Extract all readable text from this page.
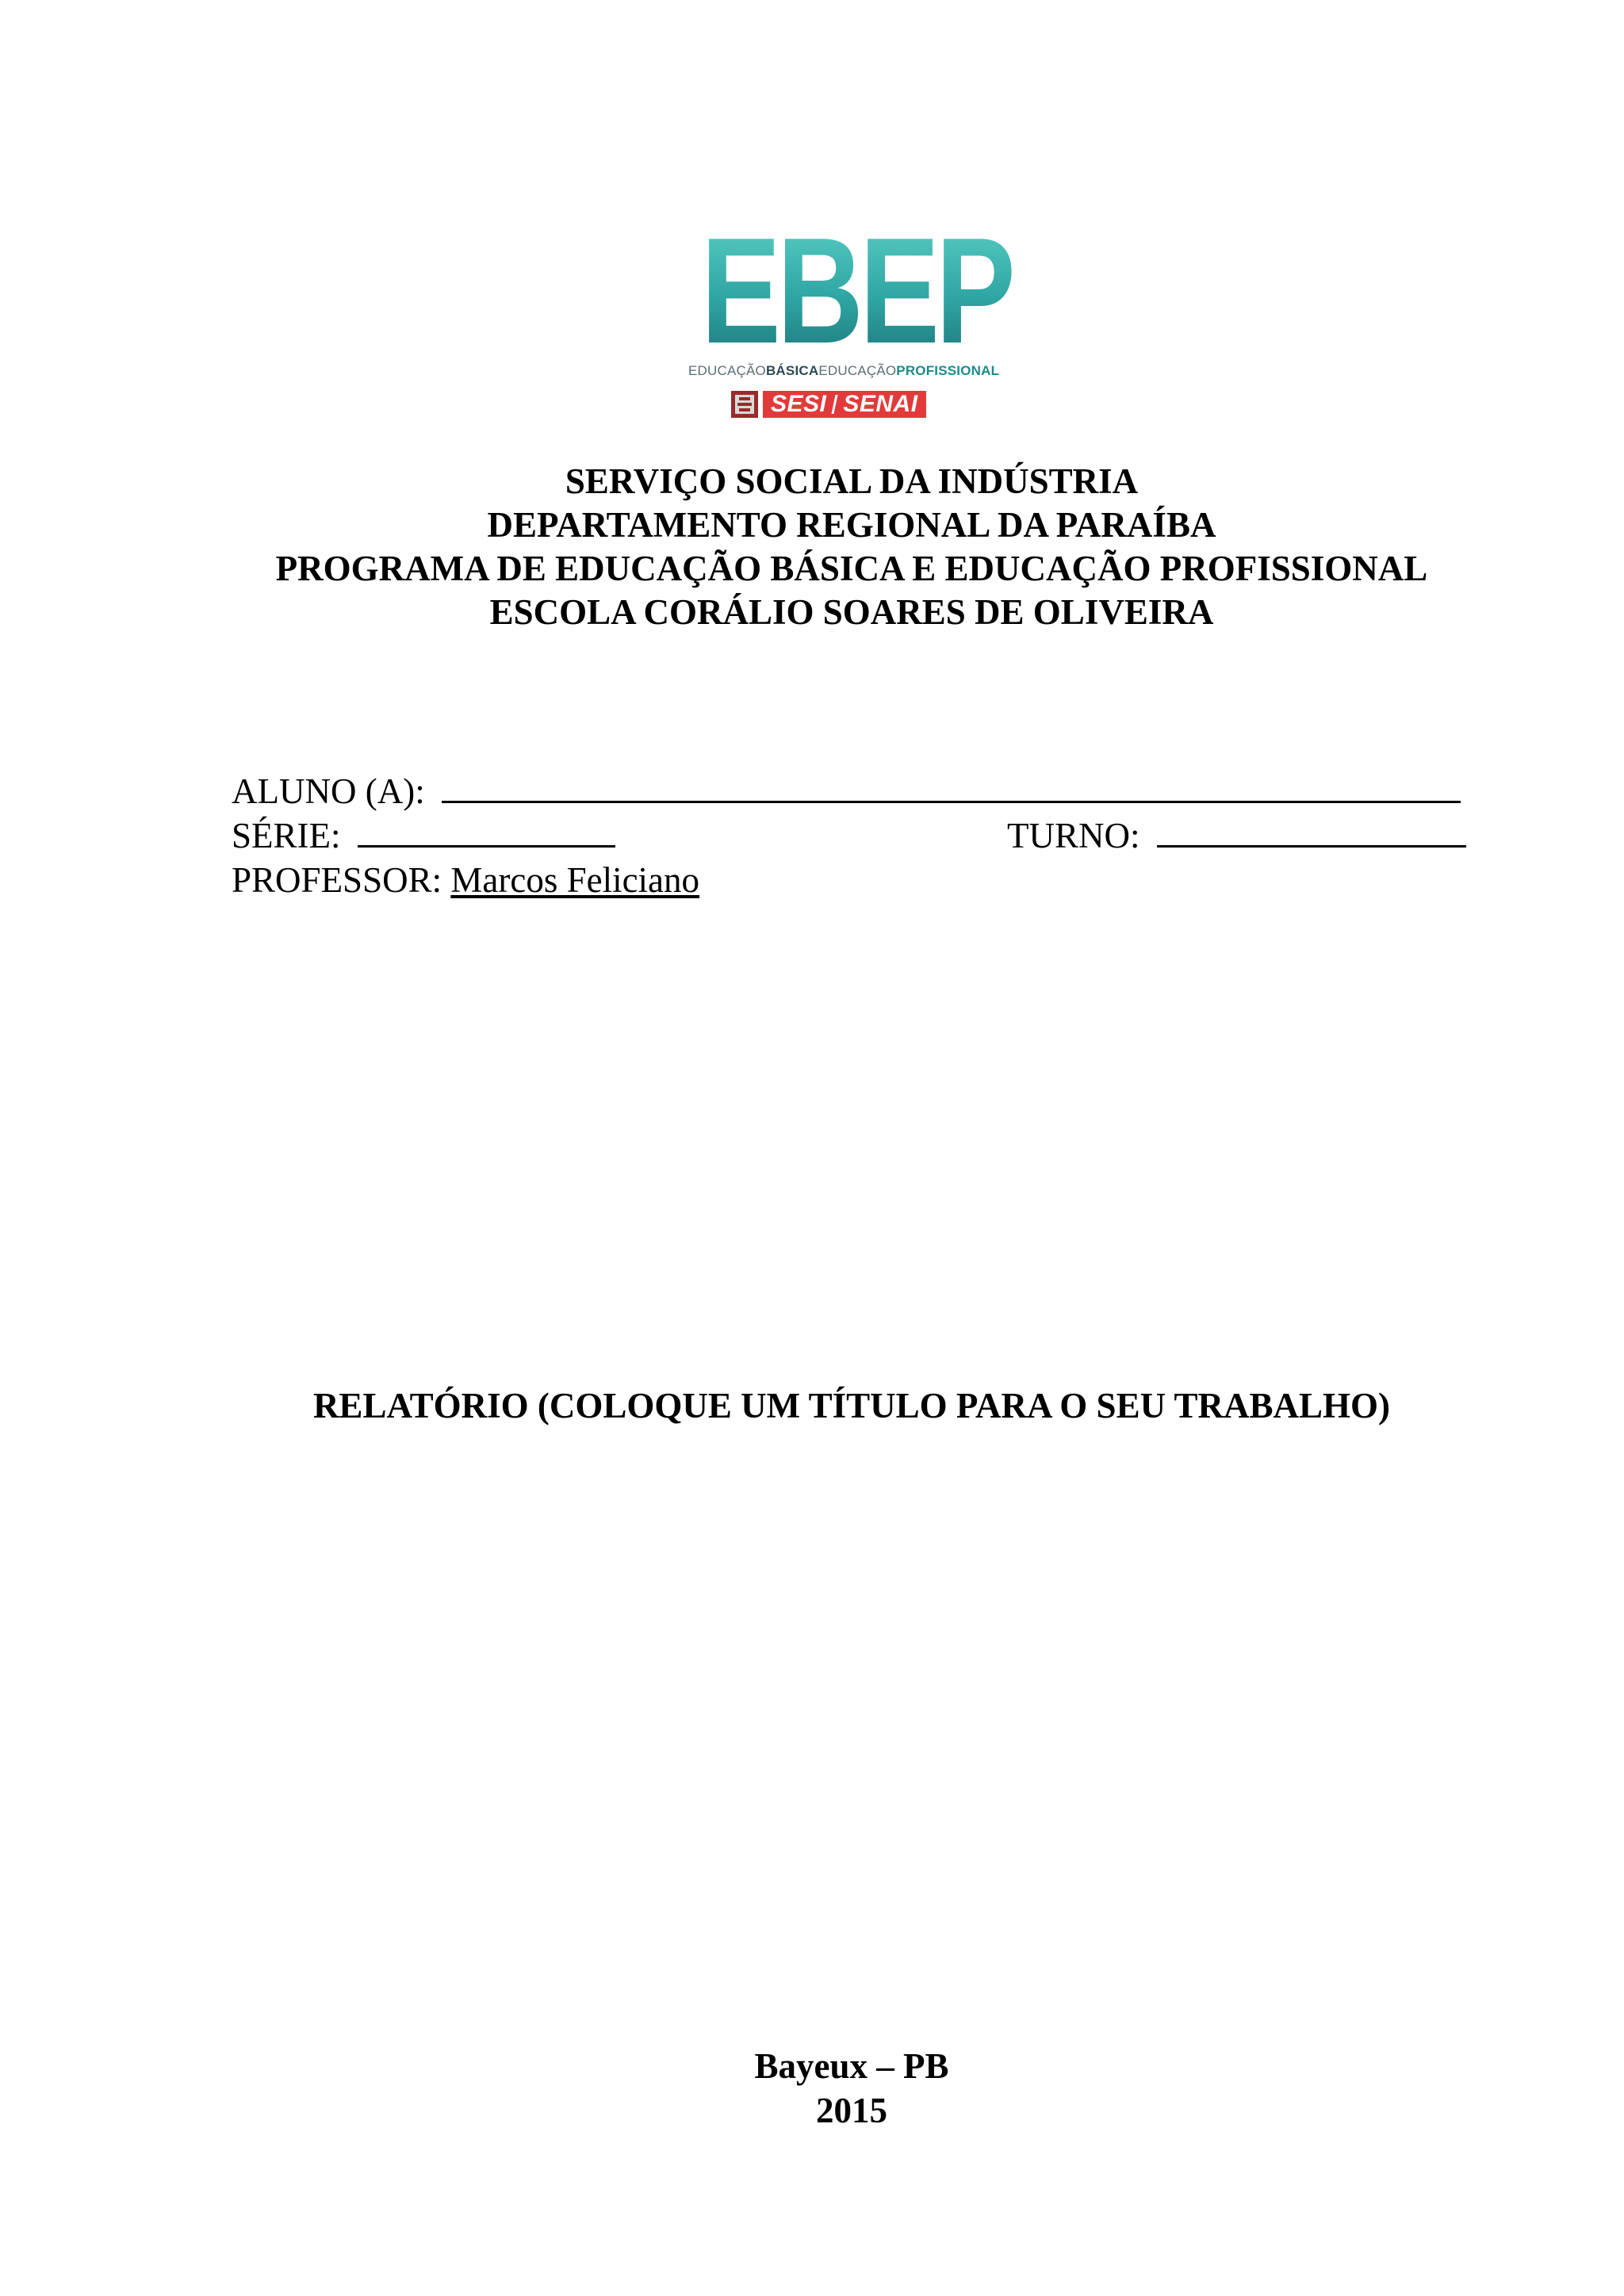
EBEP
EDUCAÇÃOBÁSICAEDUCAÇÃOPROFISSIONAL
SESI SENAI
SERVIÇO SOCIAL DA INDÚSTRIA
DEPARTAMENTO REGIONAL DA PARAÍBA
PROGRAMA DE EDUCAÇÃO BÁSICA E EDUCAÇÃO PROFISSIONAL
ESCOLA CORÁLIO SOARES DE OLIVEIRA
ALUNO (A):
SÉRIE:	TURNO:
PROFESSOR: Marcos Feliciano
RELATÓRIO (COLOQUE UM TÍTULO PARA O SEU TRABALHO)
Bayeux – PB
2015
